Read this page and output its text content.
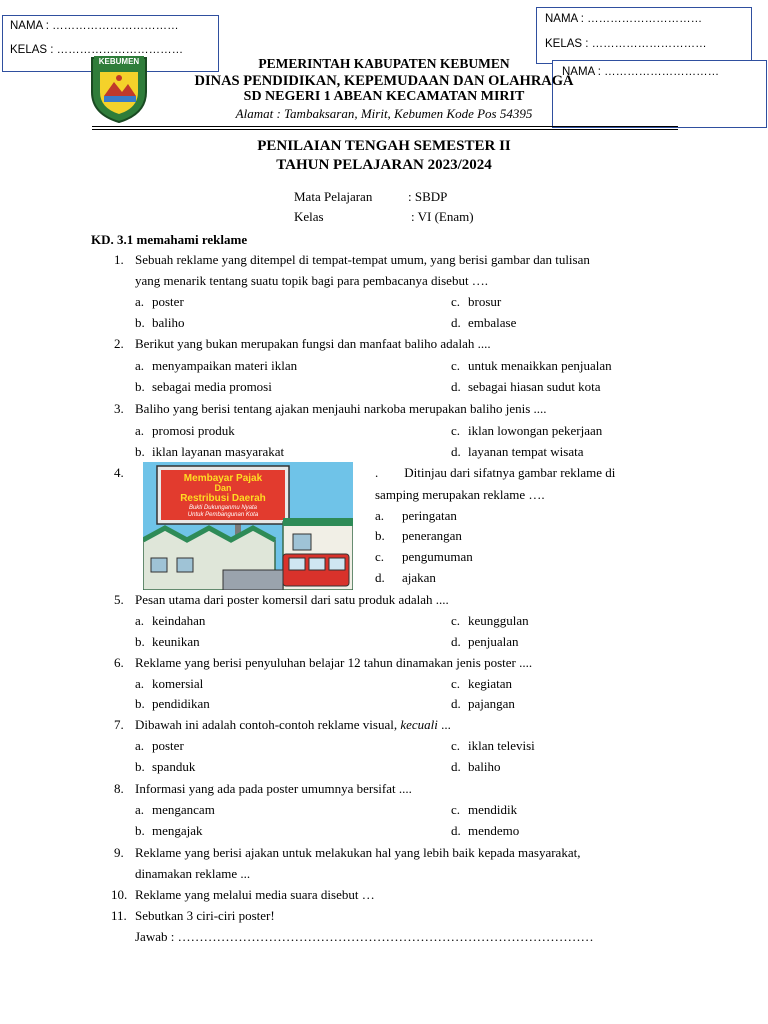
NAMA : ……………………………
KELAS : ……………………………
NAMA : …………………………
KELAS : …………………………
NAMA : …………………………
KEBUMEN	PEMERINTAH KABUPATEN KEBUMEN
DINAS PENDIDIKAN, KEPEMUDAAN DAN OLAHRAGA
SD NEGERI 1 ABEAN KECAMATAN MIRIT
Alamat : Tambaksaran, Mirit, Kebumen Kode Pos 54395
PENILAIAN TENGAH SEMESTER II
TAHUN PELAJARAN 2023/2024
Mata Pelajaran	: SBDP
Kelas	: VI (Enam)
KD. 3.1 memahami reklame
1. Sebuah reklame yang ditempel di tempat-tempat umum, yang berisi gambar dan tulisan
yang menarik tentang suatu topik bagi para pembacanya disebut ….
a. poster	c. brosur
b. baliho	d. embalase
2. Berikut yang bukan merupakan fungsi dan manfaat baliho adalah ....
a. menyampaikan materi iklan	c. untuk menaikkan penjualan
b. sebagai media promosi	d. sebagai hiasan sudut kota
3. Baliho yang berisi tentang ajakan menjauhi narkoba merupakan baliho jenis ....
a. promosi produk	c. iklan lowongan pekerjaan
b. iklan layanan masyarakat	d. layanan tempat wisata
4.	Membayar Pajak
Dan
Restribusi Daerah
Bukti Dukunganmu Nyata
Untuk Pembangunan Kota
.        Ditinjau dari sifatnya gambar reklame di
samping merupakan reklame ….
a. peringatan
b. penerangan
c. pengumuman
d. ajakan
5. Pesan utama dari poster komersil dari satu produk adalah ....
a. keindahan	c. keunggulan
b. keunikan	d. penjualan
6. Reklame yang berisi penyuluhan belajar 12 tahun dinamakan jenis poster ....
a. komersial	c. kegiatan
b. pendidikan	d. pajangan
7. Dibawah ini adalah contoh-contoh reklame visual, kecuali ...
a. poster	c. iklan televisi
b. spanduk	d. baliho
8. Informasi yang ada pada poster umumnya bersifat ....
a. mengancam	c. mendidik
b. mengajak	d. mendemo
9. Reklame yang berisi ajakan untuk melakukan hal yang lebih baik kepada masyarakat,
dinamakan reklame ...
10. Reklame yang melalui media suara disebut …
11. Sebutkan 3 ciri-ciri poster!
Jawab : ……………………………………………………………………………………
